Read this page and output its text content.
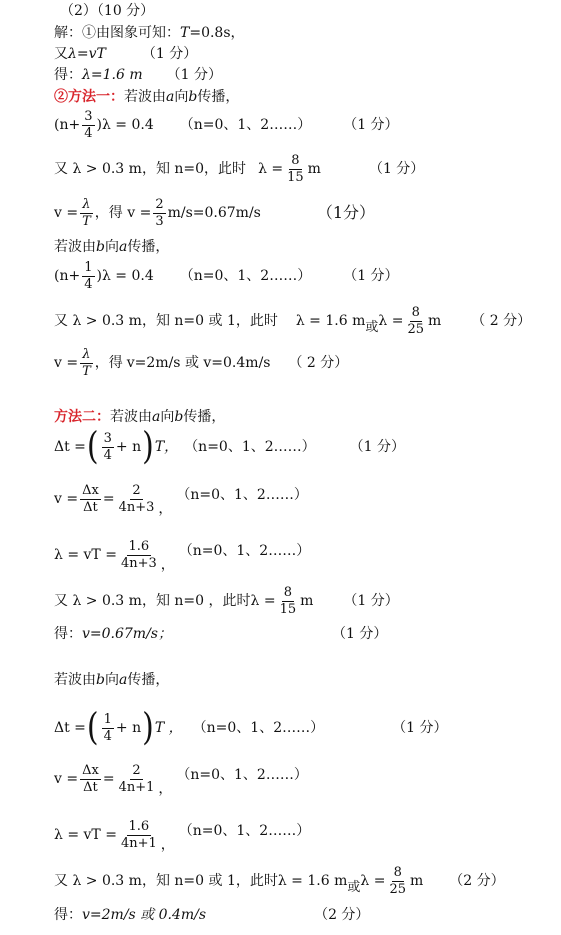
（2）（10 分）
解：①由图象可知： T =0.8s，
又 λ=vT	（1 分）
得： λ=1.6 m （1 分）
②方法一： 若波由 a 向 b 传播，
$(n+ \frac{3}{4} )\lambda = 0.4$ （n=0、1、2……） （1 分）
又 λ > 0.3 m，知 n=0，此时 $\lambda = \frac{8}{15}$ m	（1 分）
$v = \frac{\lambda}{T}$ ，得 $v = \frac{2}{3} m/s=0.67m/s$	（1分）
若波由 b 向 a 传播，
$(n+ \frac{1}{4} )\lambda = 0.4$ （n=0、1、2……） （1 分）
又 λ > 0.3 m，知 n=0 或 1，此时 λ = 1.6 m 或 $\lambda = \frac{8}{25}$ m （ 2 分）
$v = \frac{\lambda}{T}$ ，得 v=2m/s 或 v=0.4m/s （ 2 分）
方法二： 若波由 a 向 b 传播，
Δt = ( $\frac{3}{4} + n$ ) T， （n=0、1、2……） （1 分）
$v = \frac{\Delta x}{\Delta t} = \frac{2}{4n+3}$ ，
（n=0、1、2……）
λ = vT = $\frac{1.6}{4n+3}$ ，
（n=0、1、2……）
又 λ > 0.3 m，知 n=0 ，此时 $\lambda = \frac{8}{15}$ m （1 分）
得： v=0.67m/s；	（1 分）
若波由 b 向 a 传播，
Δt = ( $\frac{1}{4} + n$ ) T ， （n=0、1、2……）	（1 分）
$v = \frac{\Delta x}{\Delta t} = \frac{2}{4n+1}$ ，
（n=0、1、2……）
λ = vT = $\frac{1.6}{4n+1}$ ，
（n=0、1、2……）
又 λ > 0.3 m，知 n=0 或 1，此时 λ = 1.6 m 或 $\lambda = \frac{8}{25}$ m （2 分）
得： v=2m/s 或 0.4m/s	（2 分）
